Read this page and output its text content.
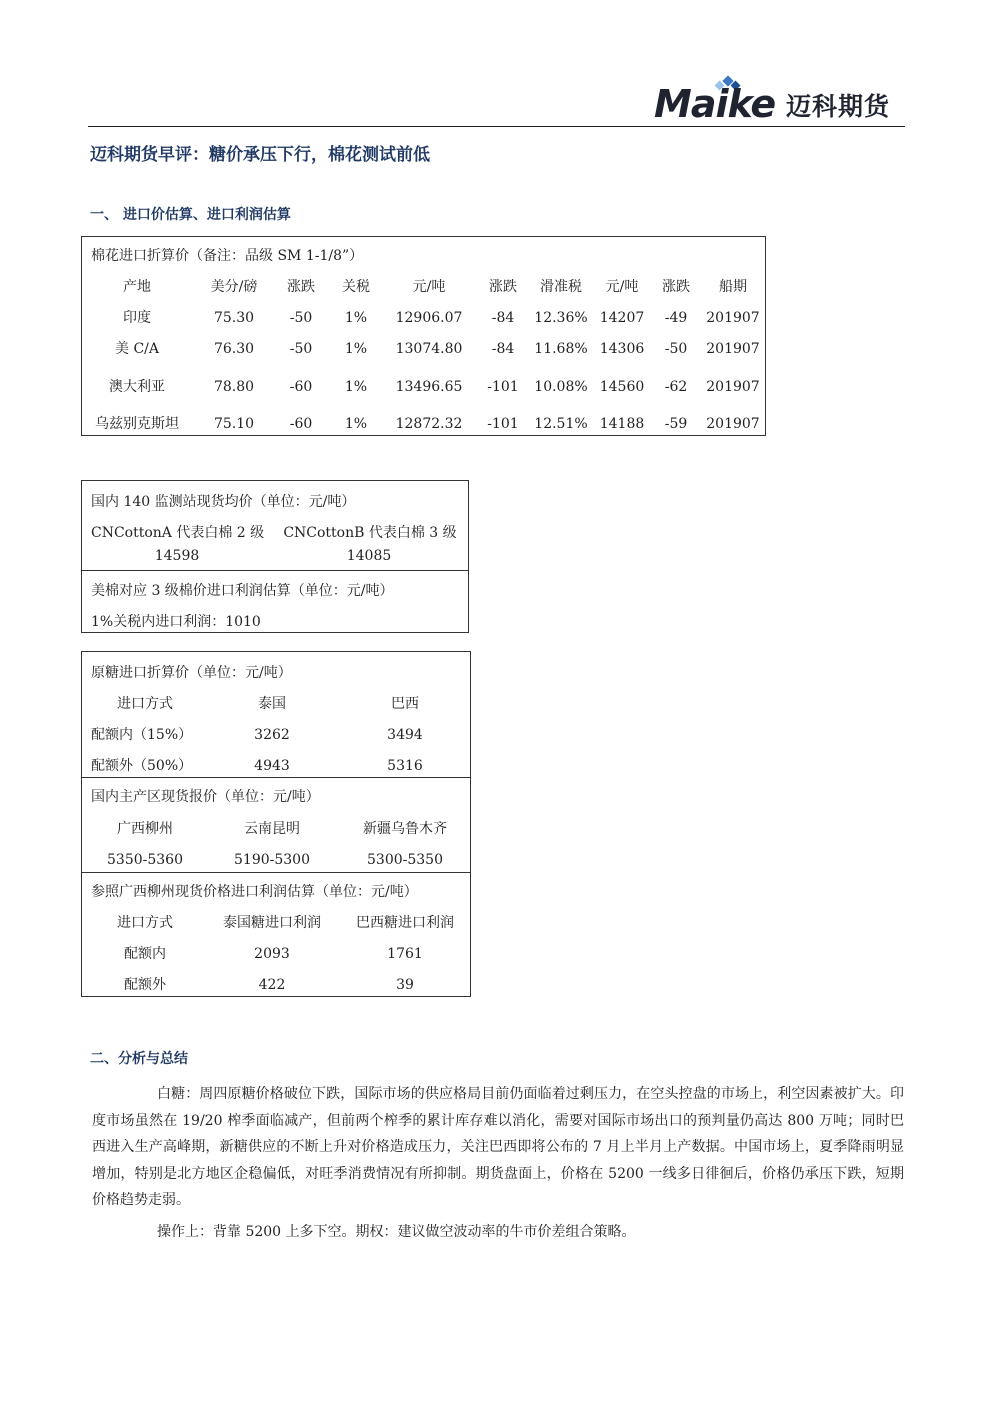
Maike 迈科期货
迈科期货早评：糖价承压下行，棉花测试前低
一、 进口价估算、进口利润估算
棉花进口折算价（备注：品级 SM 1-1/8”）
产地	美分/磅	涨跌	关税	元/吨	涨跌	滑准税	元/吨	涨跌	船期
印度	75.30	-50	1%	12906.07	-84	12.36% 14207	-49	201907
美 C/A	76.30	-50	1%	13074.80	-84	11.68% 14306	-50	201907
澳大利亚	78.80	-60	1%	13496.65	-101	10.08% 14560	-62	201907
乌兹别克斯坦	75.10	-60	1%	12872.32	-101	12.51% 14188	-59	201907
国内 140 监测站现货均价（单位：元/吨）
CNCottonA 代表白棉 2 级 CNCottonB 代表白棉 3 级
14598	14085
美棉对应 3 级棉价进口利润估算（单位：元/吨）
1%关税内进口利润：1010
原糖进口折算价（单位：元/吨）
进口方式	泰国	巴西
配额内（15%）	3262	3494
配额外（50%）	4943	5316
国内主产区现货报价（单位：元/吨）
广西柳州	云南昆明	新疆乌鲁木齐
5350-5360	5190-5300	5300-5350
参照广西柳州现货价格进口利润估算（单位：元/吨）
进口方式	泰国糖进口利润	巴西糖进口利润
配额内	2093	1761
配额外	422	39
二、分析与总结
白糖：周四原糖价格破位下跌，国际市场的供应格局目前仍面临着过剩压力，在空头控盘的市场上，利空因素被扩大。印度市场虽然在 19/20 榨季面临减产，但前两个榨季的累计库存难以消化，需要对国际市场出口的预判量仍高达 800 万吨；同时巴西进入生产高峰期，新糖供应的不断上升对价格造成压力，关注巴西即将公布的 7 月上半月上产数据。中国市场上，夏季降雨明显增加，特别是北方地区企稳偏低，对旺季消费情况有所抑制。期货盘面上，价格在 5200 一线多日徘徊后，价格仍承压下跌，短期价格趋势走弱。
操作上：背靠 5200 上多下空。期权：建议做空波动率的牛市价差组合策略。
